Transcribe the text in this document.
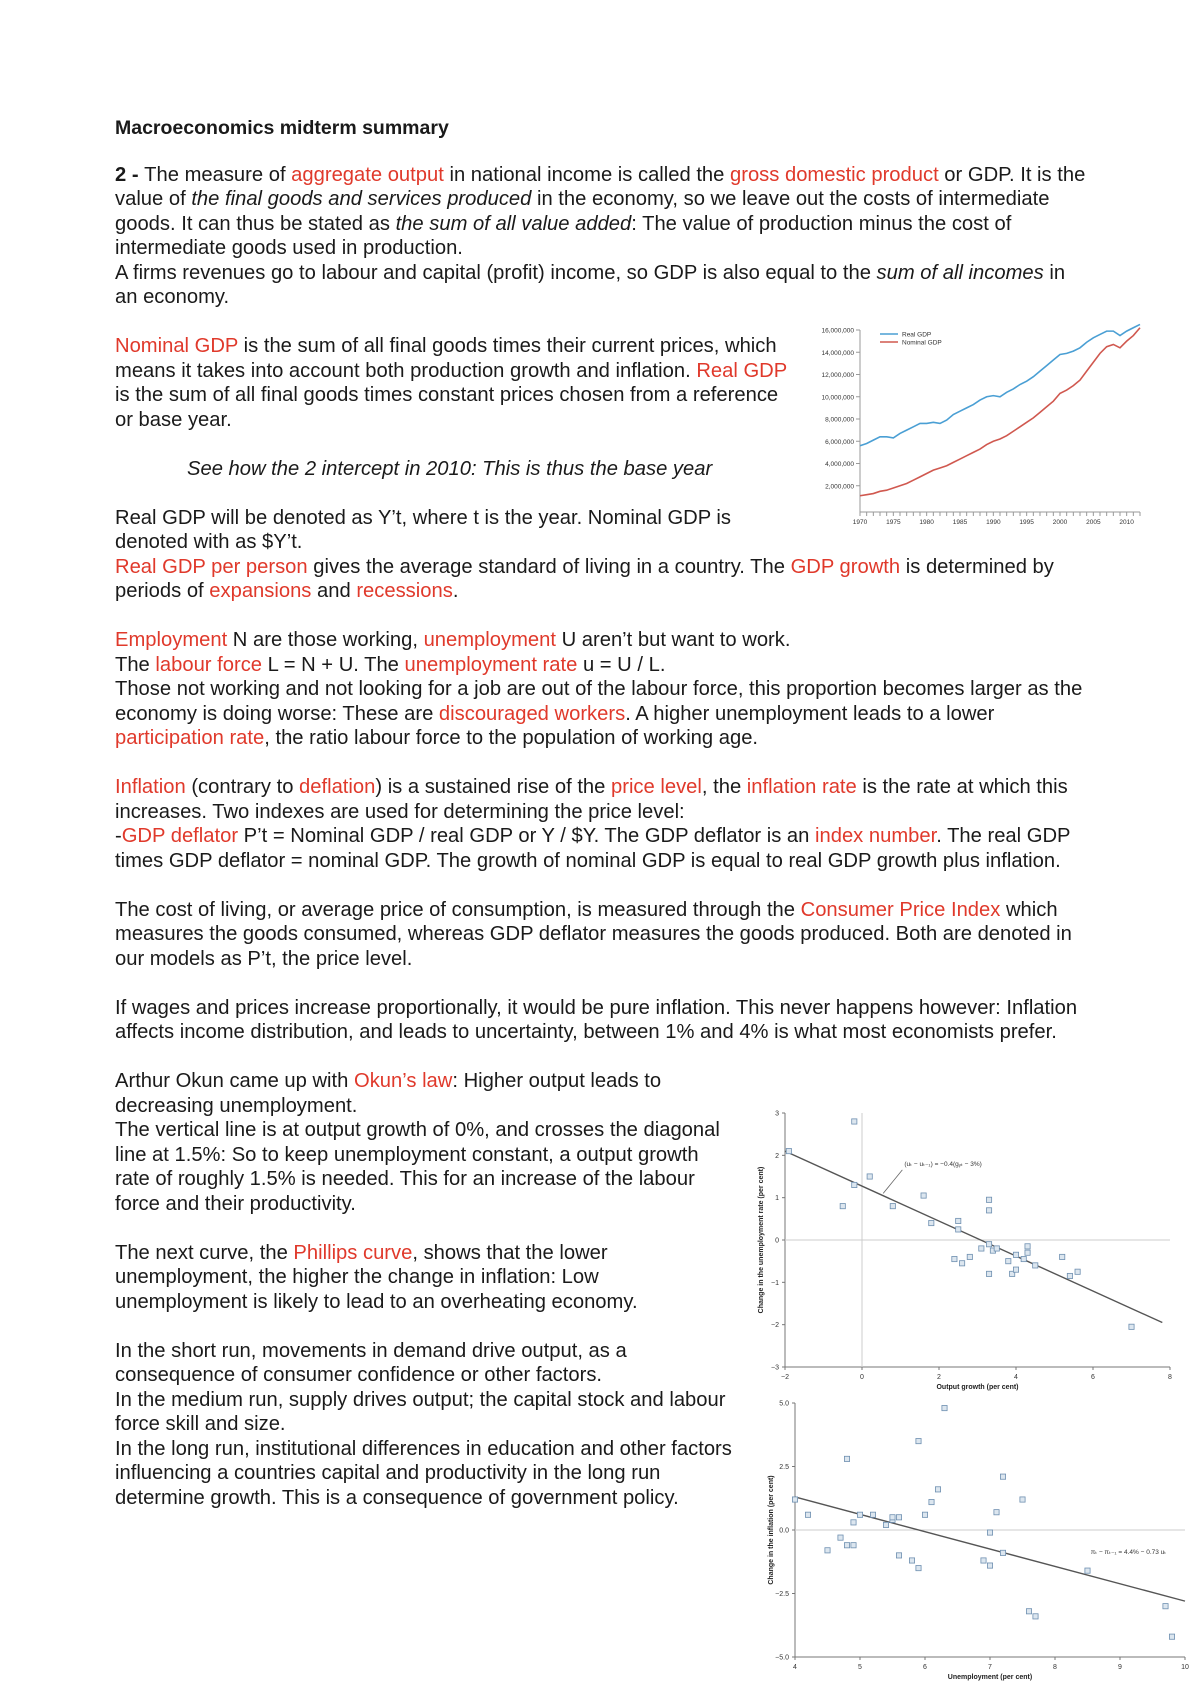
Macroeconomics midterm summary
2 - The measure of aggregate output in national income is called the gross domestic product or GDP. It is the value of the final goods and services produced in the economy, so we leave out the costs of intermediate goods. It can thus be stated as the sum of all value added: The value of production minus the cost of intermediate goods used in production.
A firms revenues go to labour and capital (profit) income, so GDP is also equal to the sum of all incomes in an economy.
Nominal GDP is the sum of all final goods times their current prices, which means it takes into account both production growth and inflation. Real GDP is the sum of all final goods times constant prices chosen from a reference or base year.
See how the 2 intercept in 2010: This is thus the base year
Real GDP will be denoted as Y’t, where t is the year. Nominal GDP is denoted with as $Y’t.
Real GDP per person gives the average standard of living in a country. The GDP growth is determined by periods of expansions and recessions.
Employment N are those working, unemployment U aren’t but want to work.
The labour force L = N + U. The unemployment rate u = U / L.
Those not working and not looking for a job are out of the labour force, this proportion becomes larger as the economy is doing worse: These are discouraged workers. A higher unemployment leads to a lower participation rate, the ratio labour force to the population of working age.
Inflation (contrary to deflation) is a sustained rise of the price level, the inflation rate is the rate at which this increases. Two indexes are used for determining the price level:
-GDP deflator P’t = Nominal GDP / real GDP or Y / $Y. The GDP deflator is an index number. The real GDP times GDP deflator = nominal GDP. The growth of nominal GDP is equal to real GDP growth plus inflation.
The cost of living, or average price of consumption, is measured through the Consumer Price Index which measures the goods consumed, whereas GDP deflator measures the goods produced. Both are denoted in our models as P’t, the price level.
If wages and prices increase proportionally, it would be pure inflation. This never happens however: Inflation affects income distribution, and leads to uncertainty, between 1% and 4% is what most economists prefer.
Arthur Okun came up with Okun’s law: Higher output leads to decreasing unemployment.
The vertical line is at output growth of 0%, and crosses the diagonal line at 1.5%: So to keep unemployment constant, a output growth rate of roughly 1.5% is needed. This for an increase of the labour force and their productivity.
The next curve, the Phillips curve, shows that the lower unemployment, the higher the change in inflation: Low unemployment is likely to lead to an overheating economy.
In the short run, movements in demand drive output, as a consequence of consumer confidence or other factors.
In the medium run, supply drives output; the capital stock and labour force skill and size.
In the long run, institutional differences in education and other factors influencing a countries capital and productivity in the long run determine growth. This is a consequence of government policy.
2,000,000
4,000,000
6,000,000
8,000,000
10,000,000
12,000,000
14,000,000
16,000,000
1970	1975	1980	1985	1990	1995	2000	2005	2010
Real GDP
Nominal GDP
−3
−2
−1
0
1
2
3
−2	0	2	4	6	8
Output growth (per cent)
Change in the unemployment rate (per cent)
(uₜ − uₜ₋₁) = −0.4(gᵧₜ − 3%)
−5.0
−2.5
0.0
2.5
5.0
4	5	6	7	8	9	10
Unemployment (per cent)
Change in the inflation (per cent)	πₜ − πₜ₋₁ = 4.4% − 0.73 uₜ
